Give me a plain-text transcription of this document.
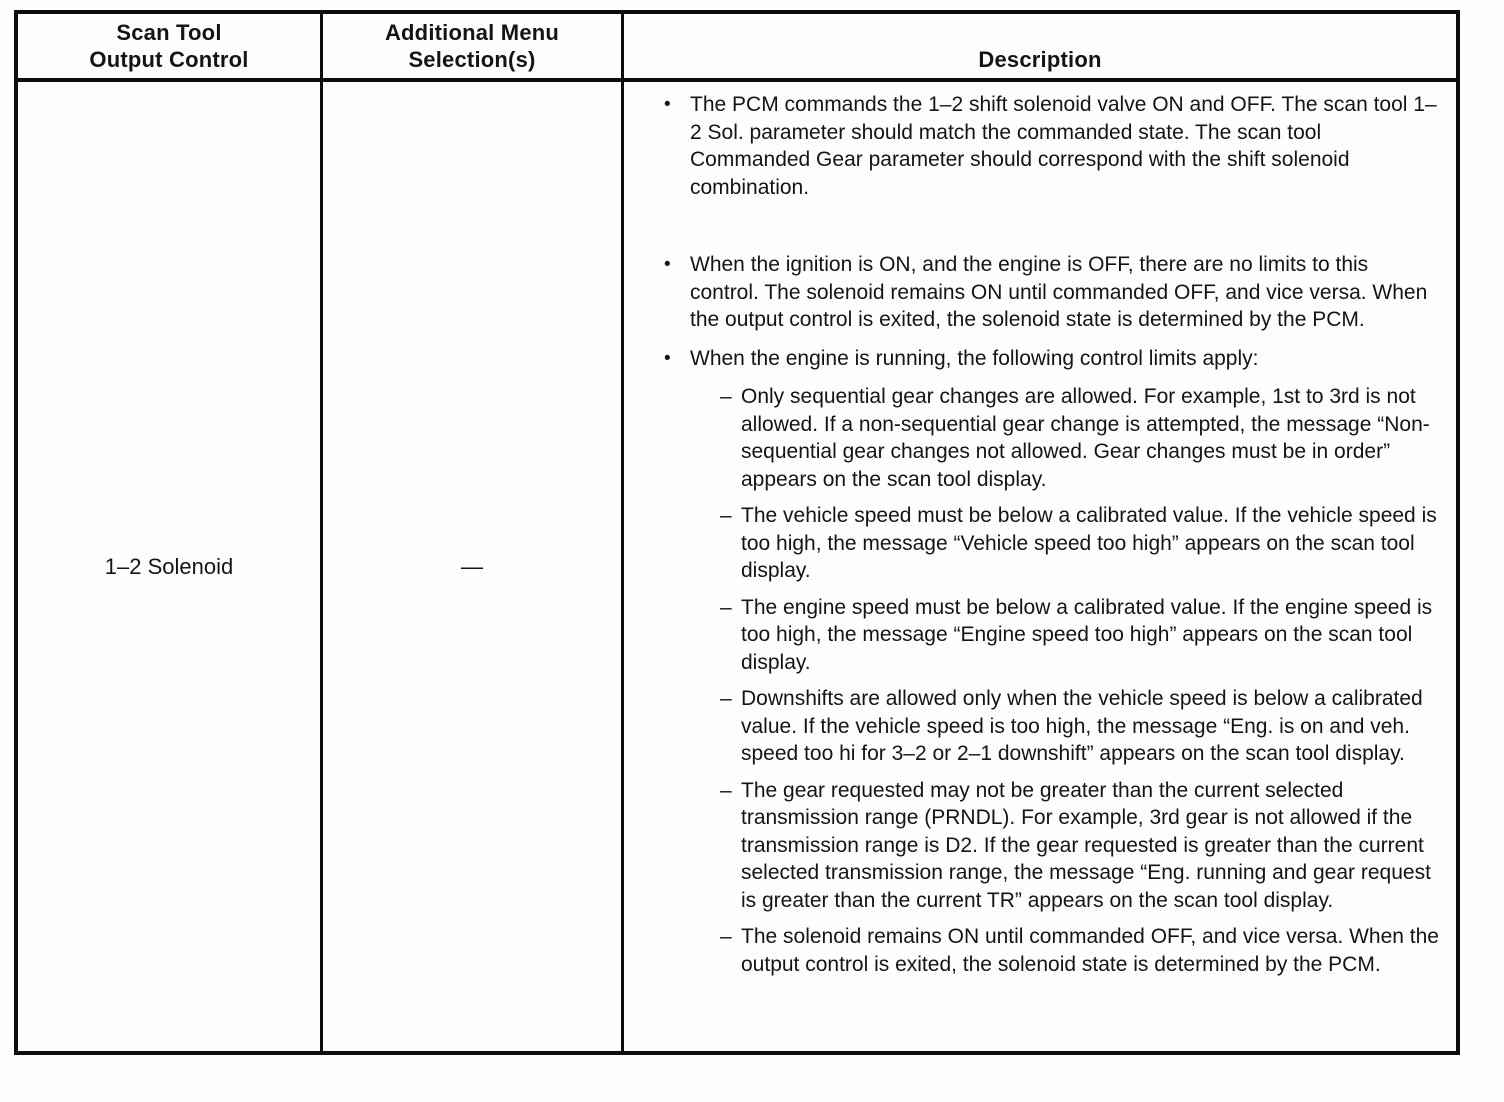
Scan Tool
Output Control
Additional Menu
Selection(s)	Description
1–2 Solenoid	—
• The PCM commands the 1–2 shift solenoid valve ON and OFF. The scan tool 1–2 Sol. parameter should match the commanded state. The scan tool Commanded Gear parameter should correspond with the shift solenoid combination.
• When the ignition is ON, and the engine is OFF, there are no limits to this control. The solenoid remains ON until commanded OFF, and vice versa. When the output control is exited, the solenoid state is determined by the PCM.
• When the engine is running, the following control limits apply:
– Only sequential gear changes are allowed. For example, 1st to 3rd is not allowed. If a non-sequential gear change is attempted, the message “Non-sequential gear changes not allowed. Gear changes must be in order” appears on the scan tool display.
– The vehicle speed must be below a calibrated value. If the vehicle speed is too high, the message “Vehicle speed too high” appears on the scan tool display.
– The engine speed must be below a calibrated value. If the engine speed is too high, the message “Engine speed too high” appears on the scan tool display.
– Downshifts are allowed only when the vehicle speed is below a calibrated value. If the vehicle speed is too high, the message “Eng. is on and veh. speed too hi for 3–2 or 2–1 downshift” appears on the scan tool display.
– The gear requested may not be greater than the current selected transmission range (PRNDL). For example, 3rd gear is not allowed if the transmission range is D2. If the gear requested is greater than the current selected transmission range, the message “Eng. running and gear request is greater than the current TR” appears on the scan tool display.
– The solenoid remains ON until commanded OFF, and vice versa. When the output control is exited, the solenoid state is determined by the PCM.
